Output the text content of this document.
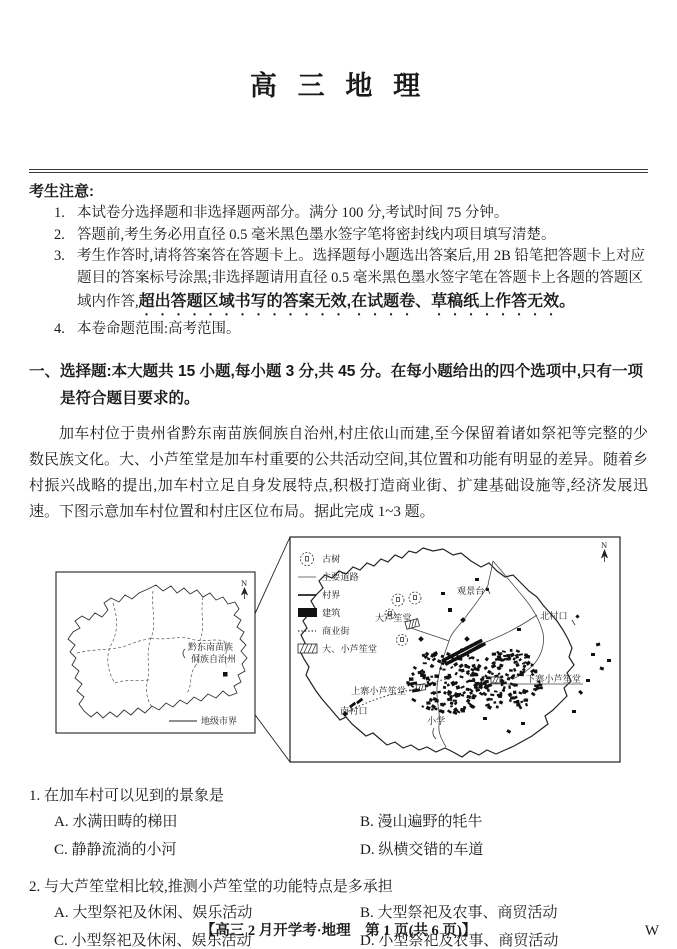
高 三 地 理
考生注意:
1. 本试卷分选择题和非选择题两部分。满分 100 分,考试时间 75 分钟。
2. 答题前,考生务必用直径 0.5 毫米黑色墨水签字笔将密封线内项目填写清楚。
3. 考生作答时,请将答案答在答题卡上。选择题每小题选出答案后,用 2B 铅笔把答题卡上对应题目的答案标号涂黑;非选择题请用直径 0.5 毫米黑色墨水签字笔在答题卡上各题的答题区域内作答,超出答题区域书写的答案无效,在试题卷、草稿纸上作答无效。
4. 本卷命题范围:高考范围。
一、选择题:本大题共 15 小题,每小题 3 分,共 45 分。在每小题给出的四个选项中,只有一项是符合题目要求的。

加车村位于贵州省黔东南苗族侗族自治州,村庄依山而建,至今保留着诸如祭祀等完整的少数民族文化。大、小芦笙堂是加车村重要的公共活动空间,其位置和功能有明显的差异。随着乡村振兴战略的提出,加车村立足自身发展特点,积极打造商业街、扩建基础设施等,经济发展迅速。下图示意加车村位置和村庄区位布局。据此完成 1~3 题。

黔东南苗族
侗族自治州
地级市界
N
观景台
北村口
大芦笙堂
上寨小芦笙堂
下寨小芦笙堂
南村口
小学
古树
主要道路
村界
建筑
商业街
大、小芦笙堂
N
1. 在加车村可以见到的景象是
A. 水满田畴的梯田	B. 漫山遍野的牦牛
C. 静静流淌的小河	D. 纵横交错的车道
2. 与大芦笙堂相比较,推测小芦笙堂的功能特点是多承担
A. 大型祭祀及休闲、娱乐活动	B. 大型祭祀及农事、商贸活动
C. 小型祭祀及休闲、娱乐活动	D. 小型祭祀及农事、商贸活动
【高三 2 月开学考·地理　第 1 页(共 6 页)】	W
